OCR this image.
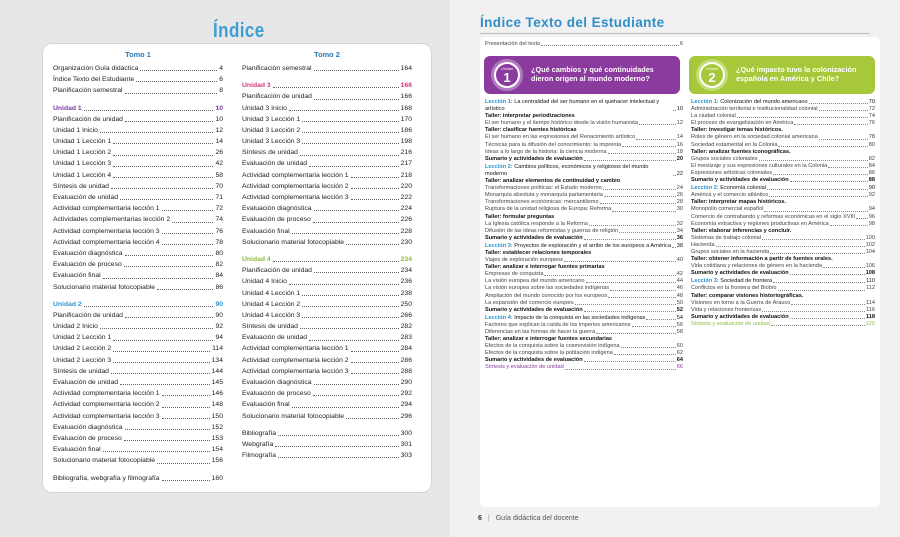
Índice
Tomo 1
Organización Guía didáctica	4
Índice Texto del Estudiante	6
Planificación semestral	8
Unidad 1	10
Planificación de unidad	10
Unidad 1 Inicio	12
Unidad 1 Lección 1	14
Unidad 1 Lección 2	26
Unidad 1 Lección 3	42
Unidad 1 Lección 4	58
Síntesis de unidad	70
Evaluación de unidad	71
Actividad complementaria lección 1	72
Actividades complementarias lección 2	74
Actividad complementaria lección 3	76
Actividad complementaria lección 4	78
Evaluación diagnóstica	80
Evaluación de proceso	82
Evaluación final	84
Solucionario material fotocopiable	86
Unidad 2	90
Planificación de unidad	90
Unidad 2 Inicio	92
Unidad 2 Lección 1	94
Unidad 2 Lección 2	114
Unidad 2 Lección 3	134
Síntesis de unidad	144
Evaluación de unidad	145
Actividad complementaria lección 1	146
Actividad complementaria lección 2	148
Actividad complementaria lección 3	150
Evaluación diagnóstica	152
Evaluación de proceso	153
Evaluación final	154
Solucionario material fotocopiable	156
Bibliografía, webgrafía y filmografía	160
Tomo 2
Planificación semestral	164
Unidad 3	166
Planificación de unidad	166
Unidad 3 Inicio	168
Unidad 3 Lección 1	170
Unidad 3 Lección 2	186
Unidad 3 Lección 3	198
Síntesis de unidad	216
Evaluación de unidad	217
Actividad complementaria lección 1	218
Actividad complementaria lección 2	220
Actividad complementaria lección 3	222
Evaluación diagnóstica	224
Evaluación de proceso	226
Evaluación final	228
Solucionario material fotocopiable	230
Unidad 4	234
Planificación de unidad	234
Unidad 4 Inicio	236
Unidad 4 Lección 1	238
Unidad 4 Lección 2	250
Unidad 4 Lección 3	266
Síntesis de unidad	282
Evaluación de unidad	283
Actividad complementaria lección 1	284
Actividad complementaria lección 2	286
Actividad complementaria lección 3	288
Evaluación diagnóstica	290
Evaluación de proceso	292
Evaluación final	294
Solucionario material fotocopiable	296
Bibliografía	300
Webgrafía	301
Filmografía	303
Índice Texto del Estudiante
Presentación del texto	6
Unidad
1	¿Qué cambios y qué continuidades dieron origen al mundo moderno?
Unidad
2	¿Qué impacto tuvo la colonización española en América y Chile?
Lección 1: La centralidad del ser humano en el quehacer intelectual y artístico	10
Taller: interpretar periodizaciones
El ser humano y el tiempo histórico desde la visión humanista	12
Taller: clasificar fuentes históricas
El ser humano en las expresiones del Renacimiento artístico	14
Técnicas para la difusión del conocimiento: la imprenta	16
Ideas a lo largo de la historia: la ciencia moderna	18
Sumario y actividades de evaluación	20
Lección 2: Cambios políticos, económicos y religiosos del mundo moderno	22
Taller: analizar elementos de continuidad y cambio
Transformaciones políticas: el Estado moderno	24
Monarquía absoluta y monarquía parlamentaria	26
Transformaciones económicas: mercantilismo	28
Ruptura de la unidad religiosa de Europa: Reforma	30
Taller: formular preguntas
La Iglesia católica responde a la Reforma	32
Difusión de las ideas reformistas y guerras de religión	34
Sumario y actividades de evaluación	36
Lección 3: Proyectos de exploración y el arribo de los europeos a América 38
Taller: establecer relaciones temporales
Viajes de exploración europeos	40
Taller: analizar e interrogar fuentes primarias
Empresas de conquista	42
La visión europea del mundo americano	44
La visión europea sobre las sociedades indígenas	46
Ampliación del mundo conocido por los europeos	48
La expansión del comercio europeo	50
Sumario y actividades de evaluación	52
Lección 4: Impacto de la conquista en las sociedades indígenas	54
Factores que explican la caída de los imperios americanos	56
Diferencias en las formas de hacer la guerra	58
Taller: analizar e interrogar fuentes secundarias
Efectos de la conquista sobre la cosmovisión indígena	60
Efectos de la conquista sobre la población indígena	62
Sumario y actividades de evaluación	64
Síntesis y evaluación de unidad	66
Lección 1: Colonización del mundo americano	70
Administración territorial e institucionalidad colonial	72
La ciudad colonial	74
El proceso de evangelización en América	76
Taller: investigar temas históricos.
Roles de género en la sociedad colonial americana	78
Sociedad estamental en la Colonia	80
Taller: analizar fuentes iconográficas.
Grupos sociales coloniales	82
El mestizaje y sus expresiones culturales en la Colonia	84
Expresiones artísticas coloniales	86
Sumario y actividades de evaluación	88
Lección 2: Economía colonial	90
América y el comercio atlántico	92
Taller: interpretar mapas históricos.
Monopolio comercial español	94
Comercio de contrabando y reformas económicas en el siglo XVIII 96
Economía extractiva y regiones productivas en América	98
Taller: elaborar inferencias y concluir.
Sistemas de trabajo colonial	100
Hacienda	102
Grupos sociales en la hacienda	104
Taller: obtener información a partir de fuentes orales.
Vida cotidiana y relaciones de género en la hacienda	106
Sumario y actividades de evaluación	108
Lección 3: Sociedad de frontera	110
Conflictos en la frontera del Biobío	112
Taller: comparar visiones historiográficas.
Visiones en torno a la Guerra de Arauco	114
Vida y relaciones fronterizas	116
Sumario y actividades de evaluación	118
Síntesis y evaluación de unidad	120
6 | Guía didáctica del docente
